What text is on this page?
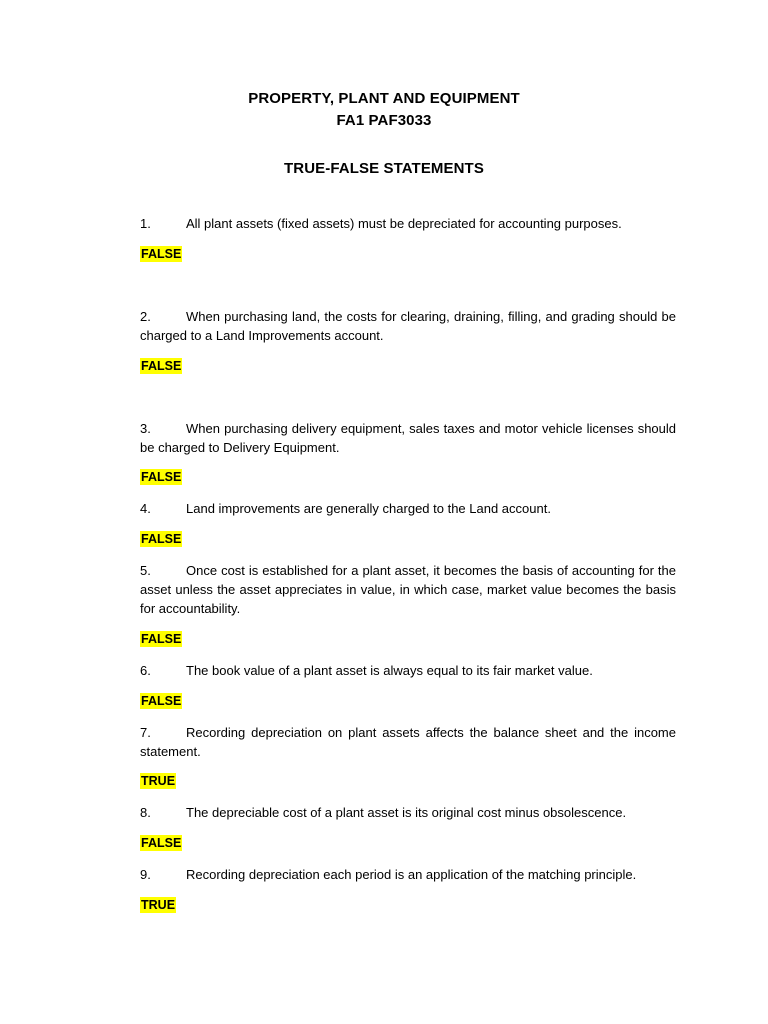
PROPERTY, PLANT AND EQUIPMENT
FA1 PAF3033
TRUE-FALSE STATEMENTS
1.	All plant assets (fixed assets) must be depreciated for accounting purposes.
FALSE
2.	When purchasing land, the costs for clearing, draining, filling, and grading should be charged to a Land Improvements account.
FALSE
3.	When purchasing delivery equipment, sales taxes and motor vehicle licenses should be charged to Delivery Equipment.
FALSE
4.	Land improvements are generally charged to the Land account.
FALSE
5.	Once cost is established for a plant asset, it becomes the basis of accounting for the asset unless the asset appreciates in value, in which case, market value becomes the basis for accountability.
FALSE
6.	The book value of a plant asset is always equal to its fair market value.
FALSE
7.	Recording depreciation on plant assets affects the balance sheet and the income statement.
TRUE
8.	The depreciable cost of a plant asset is its original cost minus obsolescence.
FALSE
9.	Recording depreciation each period is an application of the matching principle.
TRUE
